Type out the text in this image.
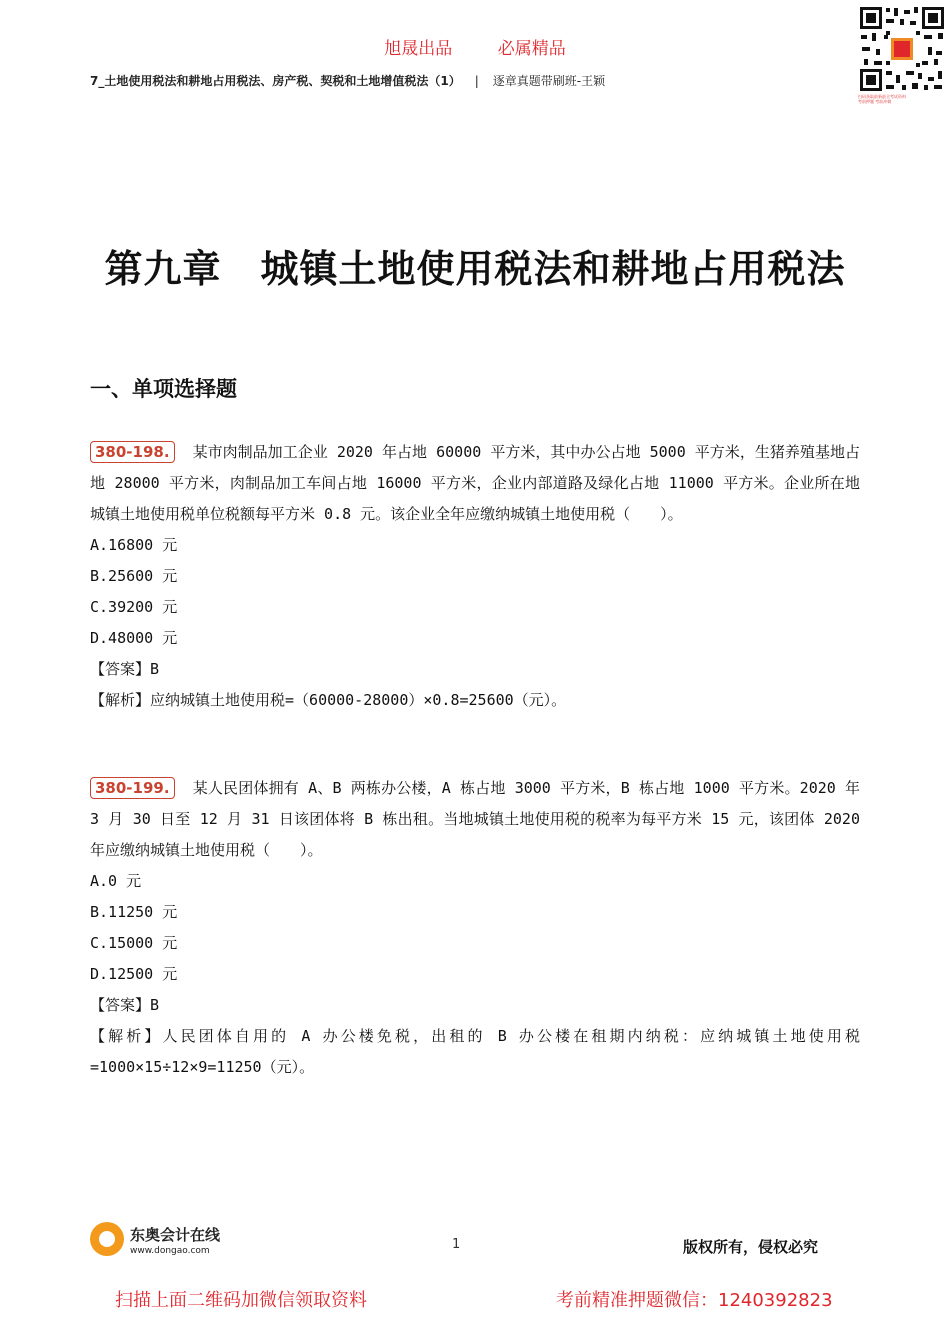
旭晟出品	必属精品
7_土地使用税法和耕地占用税法、房产税、契税和土地增值税法（1） | 逐章真题带刷班-王颖
扫码获取最新最全考试资料
考前押题 考前冲刺
第九章　城镇土地使用税法和耕地占用税法
一、单项选择题

380-198. 某市肉制品加工企业 2020 年占地 60000 平方米，其中办公占地 5000 平方米，生猪养殖基地占地 28000 平方米，肉制品加工车间占地 16000 平方米，企业内部道路及绿化占地 11000 平方米。企业所在地城镇土地使用税单位税额每平方米 0.8 元。该企业全年应缴纳城镇土地使用税（　　）。

A.16800 元

B.25600 元

C.39200 元

D.48000 元

【答案】B

【解析】应纳城镇土地使用税=（60000-28000）×0.8=25600（元）。

380-199. 某人民团体拥有 A、B 两栋办公楼，A 栋占地 3000 平方米，B 栋占地 1000 平方米。2020 年 3 月 30 日至 12 月 31 日该团体将 B 栋出租。当地城镇土地使用税的税率为每平方米 15 元，该团体 2020 年应缴纳城镇土地使用税（　　）。

A.0 元

B.11250 元

C.15000 元

D.12500 元

【答案】B

【解析】人民团体自用的 A 办公楼免税，出租的 B 办公楼在租期内纳税：应纳城镇土地使用税=1000×15÷12×9=11250（元）。

东奥会计在线
www.dongao.com	1	版权所有，侵权必究
扫描上面二维码加微信领取资料	考前精准押题微信：1240392823
